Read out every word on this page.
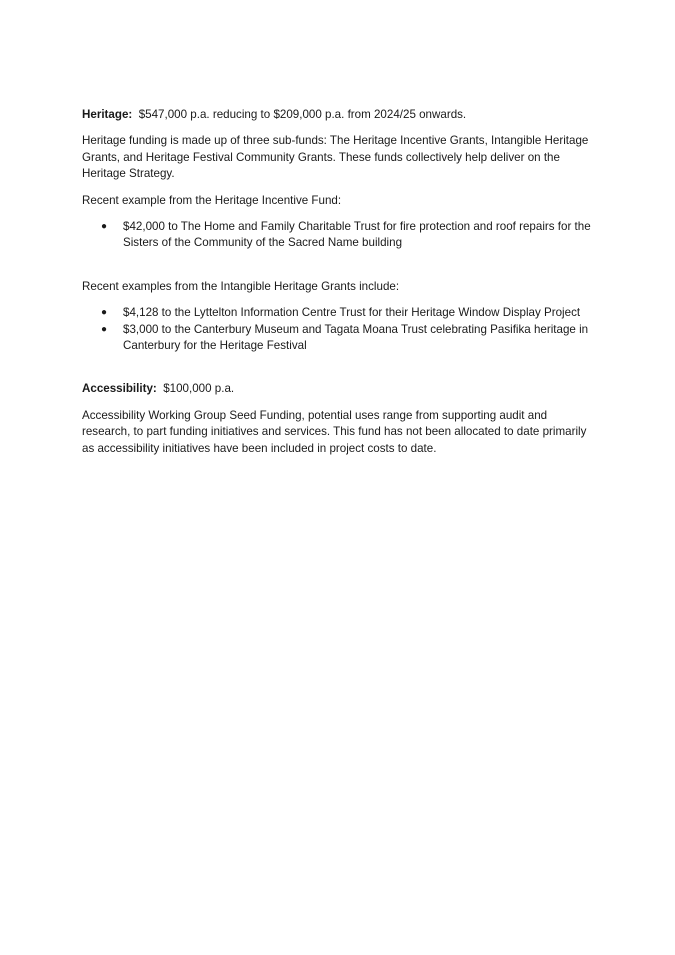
Heritage: $547,000 p.a. reducing to $209,000 p.a. from 2024/25 onwards.

Heritage funding is made up of three sub-funds: The Heritage Incentive Grants, Intangible Heritage Grants, and Heritage Festival Community Grants. These funds collectively help deliver on the Heritage Strategy.

Recent example from the Heritage Incentive Fund:

● $42,000 to The Home and Family Charitable Trust for fire protection and roof repairs for the Sisters of the Community of the Sacred Name building

Recent examples from the Intangible Heritage Grants include:

● $4,128 to the Lyttelton Information Centre Trust for their Heritage Window Display Project
● $3,000 to the Canterbury Museum and Tagata Moana Trust celebrating Pasifika heritage in Canterbury for the Heritage Festival

Accessibility: $100,000 p.a.

Accessibility Working Group Seed Funding, potential uses range from supporting audit and research, to part funding initiatives and services. This fund has not been allocated to date primarily as accessibility initiatives have been included in project costs to date.
